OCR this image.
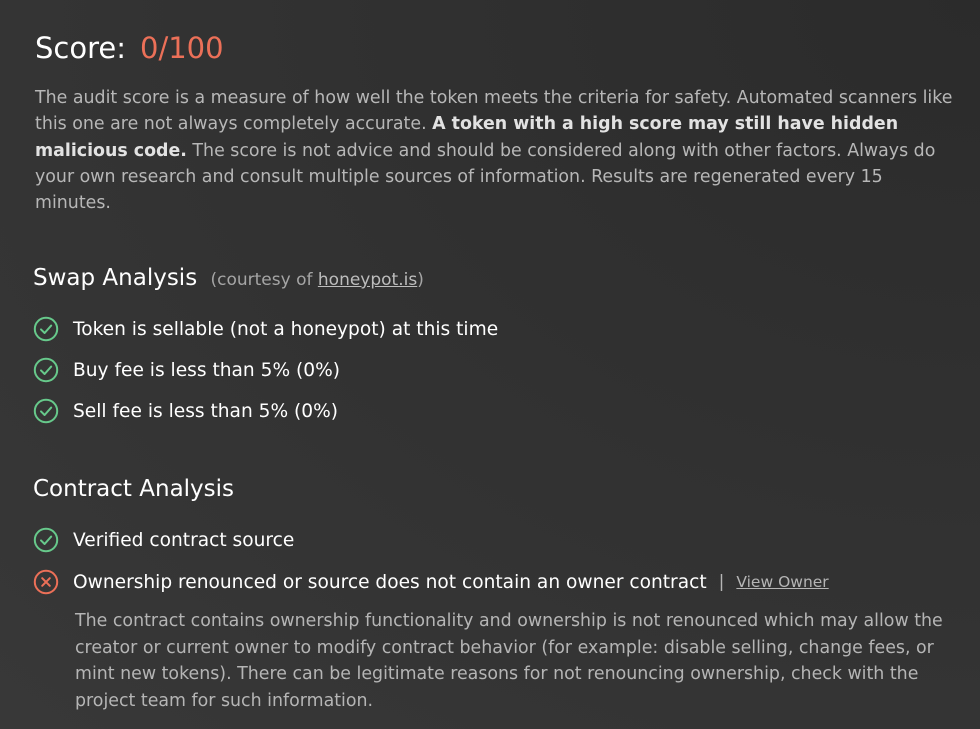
Score: 0/100

The audit score is a measure of how well the token meets the criteria for safety. Automated scanners like this one are not always completely accurate. A token with a high score may still have hidden malicious code. The score is not advice and should be considered along with other factors. Always do your own research and consult multiple sources of information. Results are regenerated every 15 minutes.

Swap Analysis (courtesy of honeypot.is)
Token is sellable (not a honeypot) at this time
Buy fee is less than 5% (0%)
Sell fee is less than 5% (0%)
Contract Analysis
Verified contract source
Ownership renounced or source does not contain an owner contract | View Owner

The contract contains ownership functionality and ownership is not renounced which may allow the creator or current owner to modify contract behavior (for example: disable selling, change fees, or mint new tokens). There can be legitimate reasons for not renouncing ownership, check with the project team for such information.
